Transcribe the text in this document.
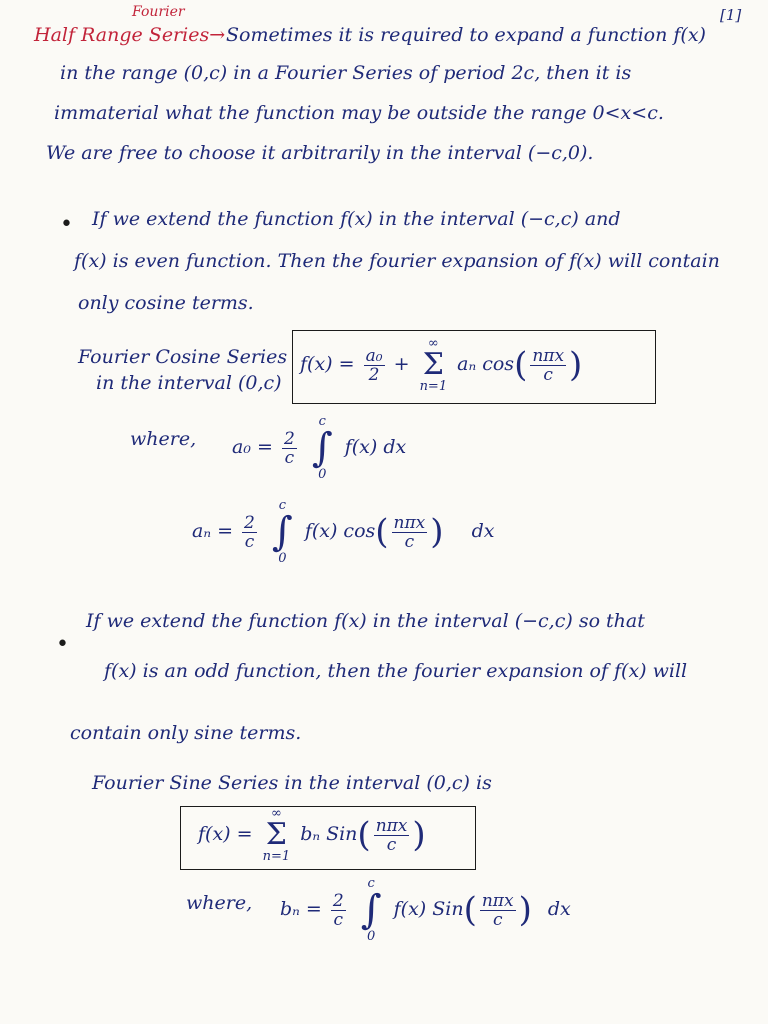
Fourier
Half Range Series→ Sometimes it is required to expand a function f(x)
[1]
in the range (0,c) in a Fourier Series of period 2c, then it is
immaterial what the function may be outside the range 0<x<c.
We are free to choose it arbitrarily in the interval (−c,0).
• If we extend the function f(x) in the interval (−c,c) and
f(x) is even function. Then the fourier expansion of f(x) will contain
only cosine terms.
Fourier Cosine Series
in the interval (0,c)
$f(x) = \frac{\text{a₀}}{2}$ +
∞
Σ
n=1
aₙ $\cos( \frac{\text{nπx}}{c}$ )
where, $a_0 = \frac{2}{c}$

c
∫
0
f(x) dx
$a_n = \frac{2}{c}$

c
∫
0
f(x) $\cos( \frac{\text{nπx}}{c}$ ) dx
•
If we extend the function f(x) in the interval (−c,c) so that
f(x) is an odd function, then the fourier expansion of f(x) will
contain only sine terms.
Fourier Sine Series in the interval (0,c) is
f(x) =
∞
Σ
n=1
bₙ $Sin( \frac{\text{nπx}}{c}$ )
where, $b_n = \frac{2}{c}$

c
∫
0
f(x) $Sin( \frac{\text{nπx}}{c}$ ) dx
